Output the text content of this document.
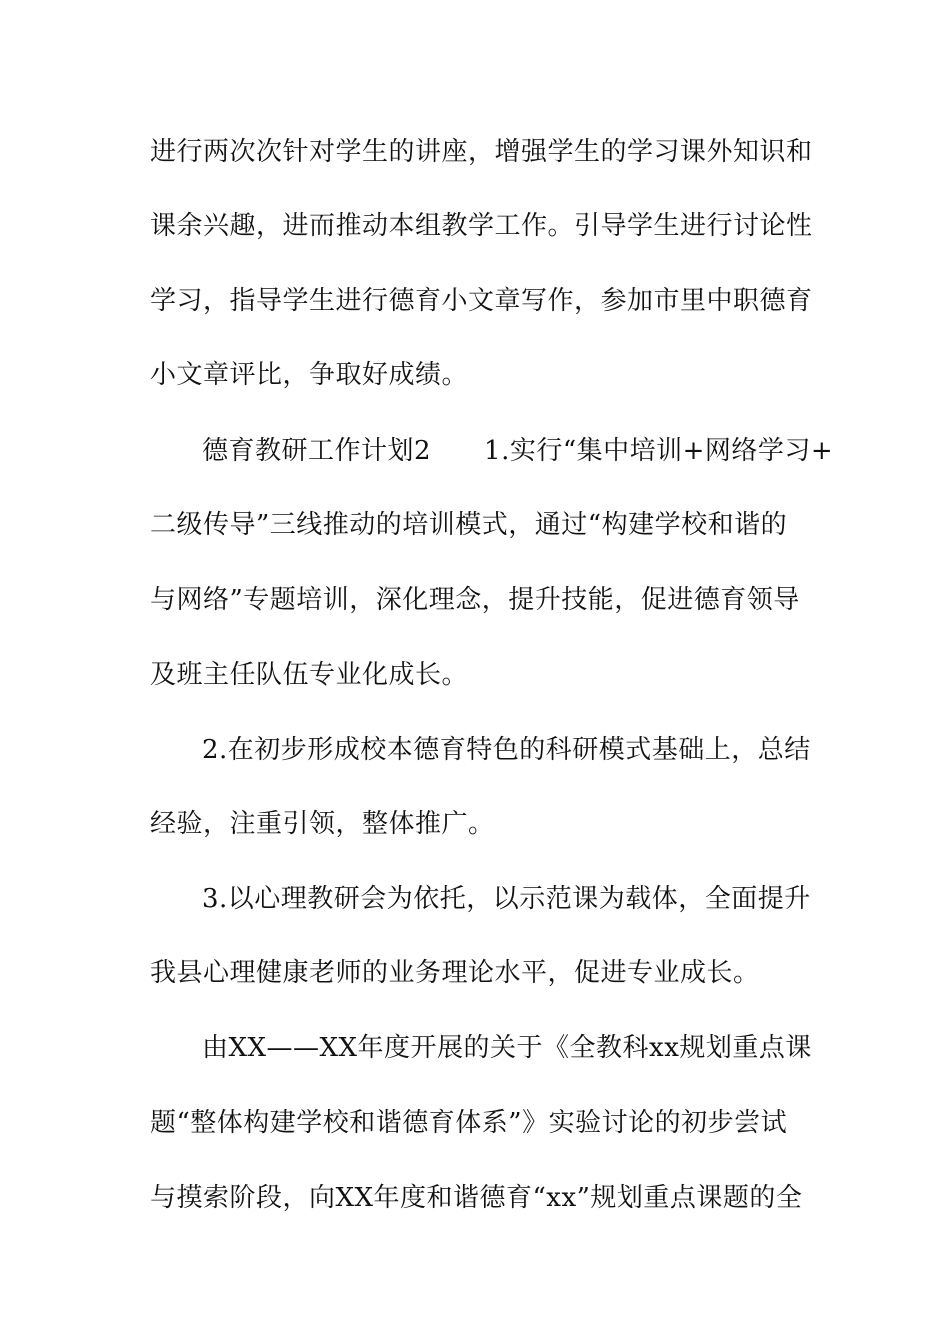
进行两次次针对学生的讲座，增强学生的学习课外知识和
课余兴趣，进而推动本组教学工作。引导学生进行讨论性
学习，指导学生进行德育小文章写作，参加市里中职德育
小文章评比，争取好成绩。
德育教研工作计划2　　1.实行“集中培训+网络学习+
二级传导”三线推动的培训模式，通过“构建学校和谐的
与网络”专题培训，深化理念，提升技能，促进德育领导
及班主任队伍专业化成长。
2.在初步形成校本德育特色的科研模式基础上，总结
经验，注重引领，整体推广。
3.以心理教研会为依托，以示范课为载体，全面提升
我县心理健康老师的业务理论水平，促进专业成长。
由XX——XX年度开展的关于《全教科xx规划重点课
题“整体构建学校和谐德育体系”》实验讨论的初步尝试
与摸索阶段，向XX年度和谐德育“xx”规划重点课题的全
